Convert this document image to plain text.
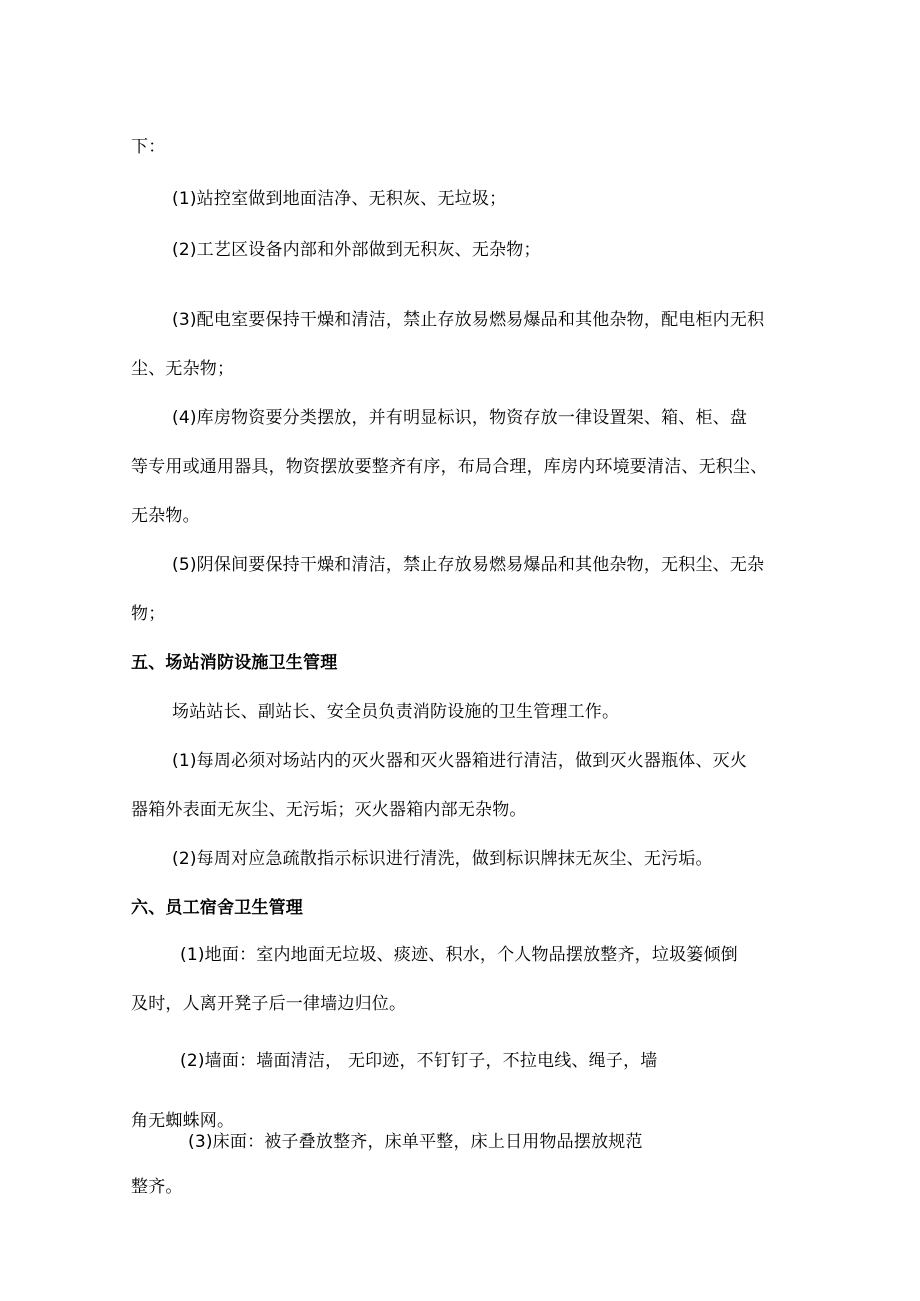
下：
(1)站控室做到地面洁净、无积灰、无垃圾；
(2)工艺区设备内部和外部做到无积灰、无杂物；
(3)配电室要保持干燥和清洁，禁止存放易燃易爆品和其他杂物，配电柜内无积
尘、无杂物；
(4)库房物资要分类摆放，并有明显标识，物资存放一律设置架、箱、柜、盘
等专用或通用器具，物资摆放要整齐有序，布局合理，库房内环境要清洁、无积尘、
无杂物。
(5)阴保间要保持干燥和清洁，禁止存放易燃易爆品和其他杂物，无积尘、无杂
物；
五、场站消防设施卫生管理
场站站长、副站长、安全员负责消防设施的卫生管理工作。
(1)每周必须对场站内的灭火器和灭火器箱进行清洁，做到灭火器瓶体、灭火
器箱外表面无灰尘、无污垢；灭火器箱内部无杂物。
(2)每周对应急疏散指示标识进行清洗，做到标识牌抹无灰尘、无污垢。
六、员工宿舍卫生管理
(1)地面：室内地面无垃圾、痰迹、积水，个人物品摆放整齐，垃圾篓倾倒
及时，人离开凳子后一律墙边归位。
(2)墙面：墙面清洁， 无印迹，不钉钉子，不拉电线、绳子，墙
角无蜘蛛网。
(3)床面：被子叠放整齐，床单平整，床上日用物品摆放规范
整齐。
